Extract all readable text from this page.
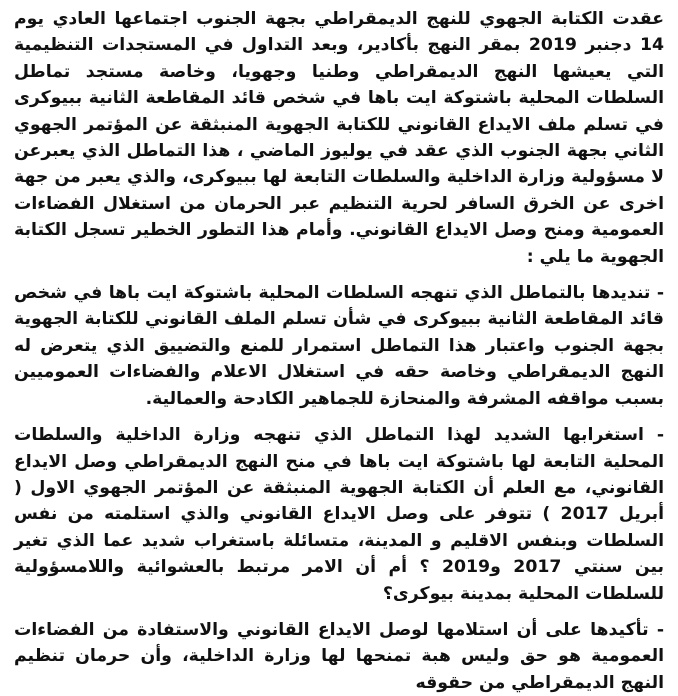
عقدت الكتابة الجهوي للنهج الديمقراطي بجهة الجنوب اجتماعها العادي يوم 14 دجنبر 2019 بمقر النهج بأكادير، وبعد التداول في المستجدات التنظيمية التي يعيشها النهج الديمقراطي وطنيا وجهويا، وخاصة مستجد تماطل السلطات المحلية باشتوكة ايت باها في شخص قائد المقاطعة الثانية ببيوكرى في تسلم ملف الايداع القانوني للكتابة الجهوية المنبثقة عن المؤتمر الجهوي الثاني بجهة الجنوب الذي عقد في يوليوز الماضي ، هذا التماطل الذي يعبرعن لا مسؤولية وزارة الداخلية والسلطات التابعة لها ببيوكرى، والذي يعبر من جهة اخرى عن الخرق السافر لحرية التنظيم عبر الحرمان من استغلال الفضاءات العمومية ومنح وصل الايداع القانوني. وأمام هذا التطور الخطير تسجل الكتابة الجهوية ما يلي :

- تنديدها بالتماطل الذي تنهجه السلطات المحلية باشتوكة ايت باها في شخص قائد المقاطعة الثانية ببيوكرى في شأن تسلم الملف القانوني للكتابة الجهوية بجهة الجنوب واعتبار هذا التماطل استمرار للمنع والتضييق الذي يتعرض له النهج الديمقراطي وخاصة حقه في استغلال الاعلام والفضاءات العموميين بسبب مواقفه المشرفة والمنحازة للجماهير الكادحة والعمالية.

- استغرابها الشديد لهذا التماطل الذي تنهجه وزارة الداخلية والسلطات المحلية التابعة لها باشتوكة ايت باها في منح النهج الديمقراطي وصل الايداع القانوني، مع العلم أن الكتابة الجهوية المنبثقة عن المؤتمر الجهوي الاول ( أبريل 2017 ) تتوفر على وصل الايداع القانوني والذي استلمته من نفس السلطات وبنفس الاقليم و المدينة، متسائلة باستغراب شديد عما الذي تغير بين سنتي 2017 و2019 ؟ أم أن الامر مرتبط بالعشوائية واللامسؤولية للسلطات المحلية بمدينة بيوكرى؟

- تأكيدها على أن استلامها لوصل الايداع القانوني والاستفادة من الفضاءات العمومية هو حق وليس هبة تمنحها لها وزارة الداخلية، وأن حرمان تنظيم النهج الديمقراطي من حقوقه
